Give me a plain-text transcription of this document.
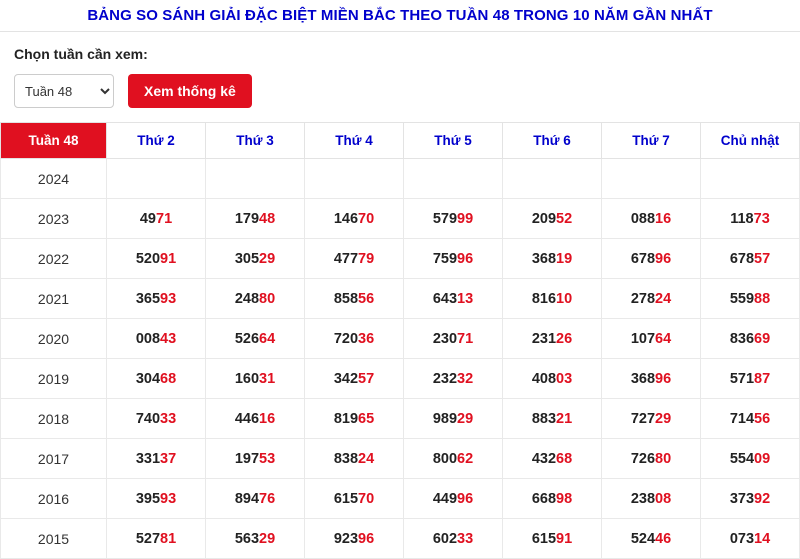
BẢNG SO SÁNH GIẢI ĐẶC BIỆT MIỀN BẮC THEO TUẦN 48 TRONG 10 NĂM GẦN NHẤT
Chọn tuần cần xem:
Tuần 48
Xem thống kê
Tuần 48	Thứ 2	Thứ 3	Thứ 4	Thứ 5	Thứ 6	Thứ 7	Chủ nhật
2024							
2023	4971	17948	14670	57999	20952	08816	11873
2022	52091	30529	47779	75996	36819	67896	67857
2021	36593	24880	85856	64313	81610	27824	55988
2020	00843	52664	72036	23071	23126	10764	83669
2019	30468	16031	34257	23232	40803	36896	57187
2018	74033	44616	81965	98929	88321	72729	71456
2017	33137	19753	83824	80062	43268	72680	55409
2016	39593	89476	61570	44996	66898	23808	37392
2015	52781	56329	92396	60233	61591	52446	07314
